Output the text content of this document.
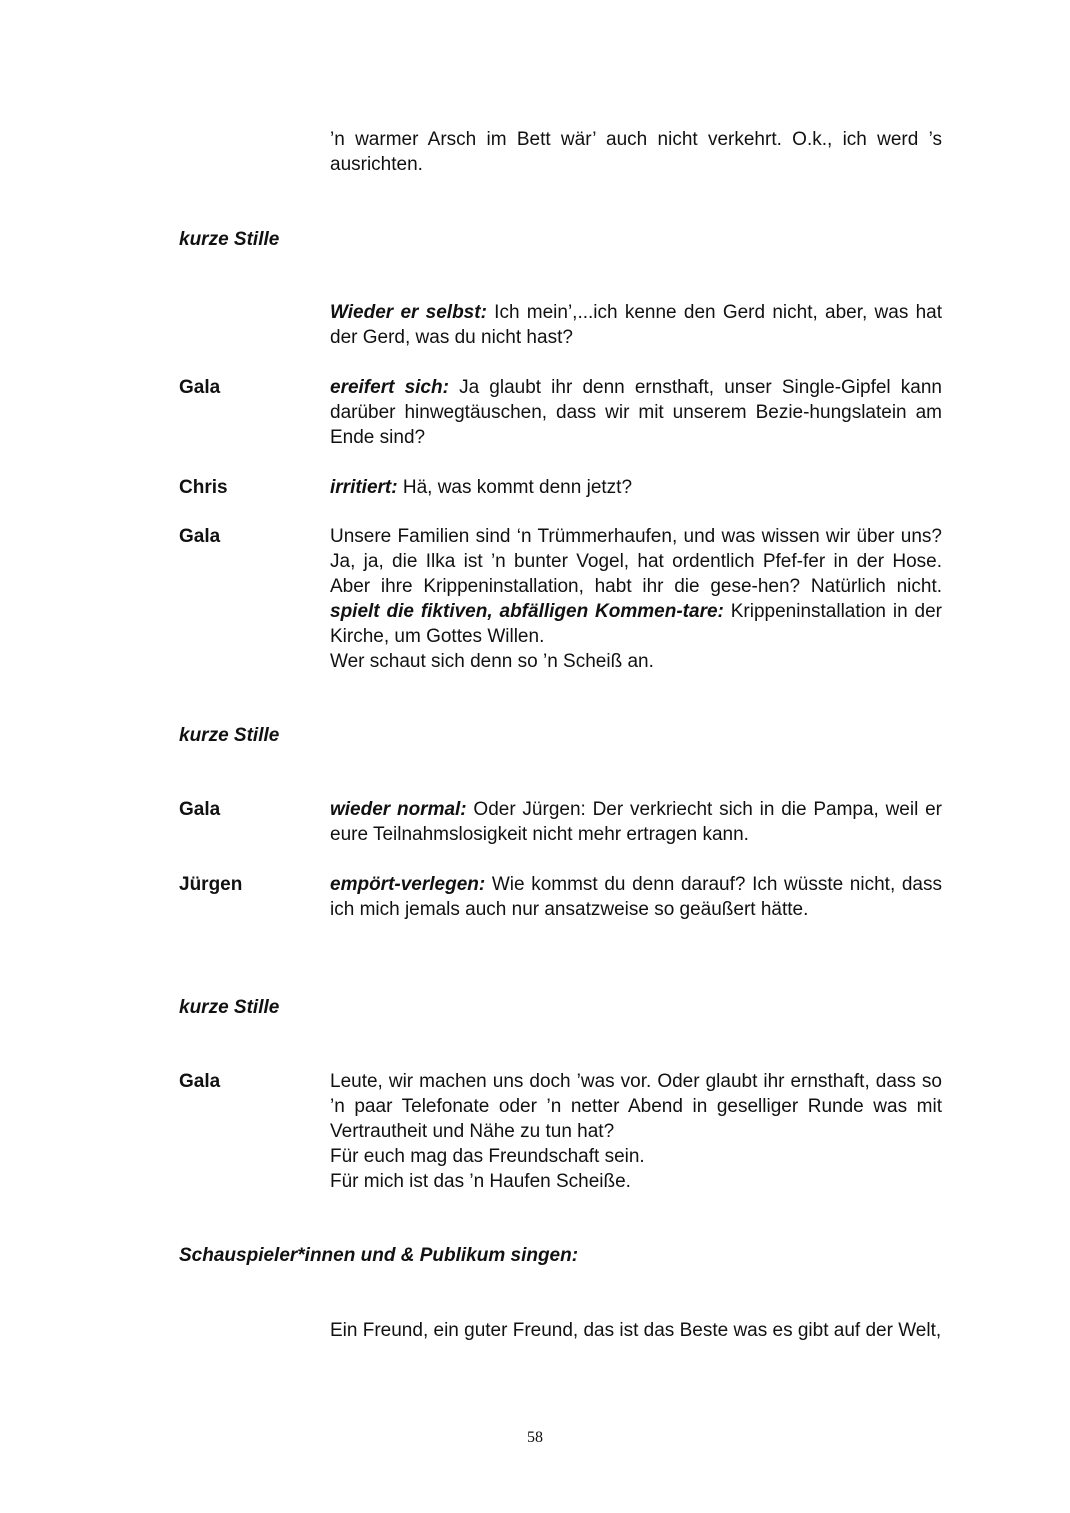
’n warmer Arsch im Bett wär’ auch nicht verkehrt. O.k., ich werd ’s ausrichten.
kurze Stille
Wieder er selbst: Ich mein’,...ich kenne den Gerd nicht, aber, was hat der Gerd, was du nicht hast?
Gala	ereifert sich: Ja glaubt ihr denn ernsthaft, unser Single-Gipfel kann darüber hinwegtäuschen, dass wir mit unserem Bezie-hungslatein am Ende sind?
Chris	irritiert: Hä, was kommt denn jetzt?
Gala	Unsere Familien sind ‘n Trümmerhaufen, und was wissen wir über uns? Ja, ja, die Ilka ist ’n bunter Vogel, hat ordentlich Pfef-fer in der Hose. Aber ihre Krippeninstallation, habt ihr die gese-hen? Natürlich nicht. spielt die fiktiven, abfälligen Kommen-tare: Krippeninstallation in der Kirche, um Gottes Willen.
Wer schaut sich denn so ’n Scheiß an.
kurze Stille
Gala	wieder normal: Oder Jürgen: Der verkriecht sich in die Pampa, weil er eure Teilnahmslosigkeit nicht mehr ertragen kann.
Jürgen	empört-verlegen: Wie kommst du denn darauf? Ich wüsste nicht, dass ich mich jemals auch nur ansatzweise so geäußert hätte.
kurze Stille
Gala	Leute, wir machen uns doch ’was vor. Oder glaubt ihr ernsthaft, dass so ’n paar Telefonate oder ’n netter Abend in geselliger Runde was mit Vertrautheit und Nähe zu tun hat?
Für euch mag das Freundschaft sein.
Für mich ist das ’n Haufen Scheiße.
Schauspieler*innen und & Publikum singen:
Ein Freund, ein guter Freund, das ist das Beste was es gibt auf der Welt,
58
